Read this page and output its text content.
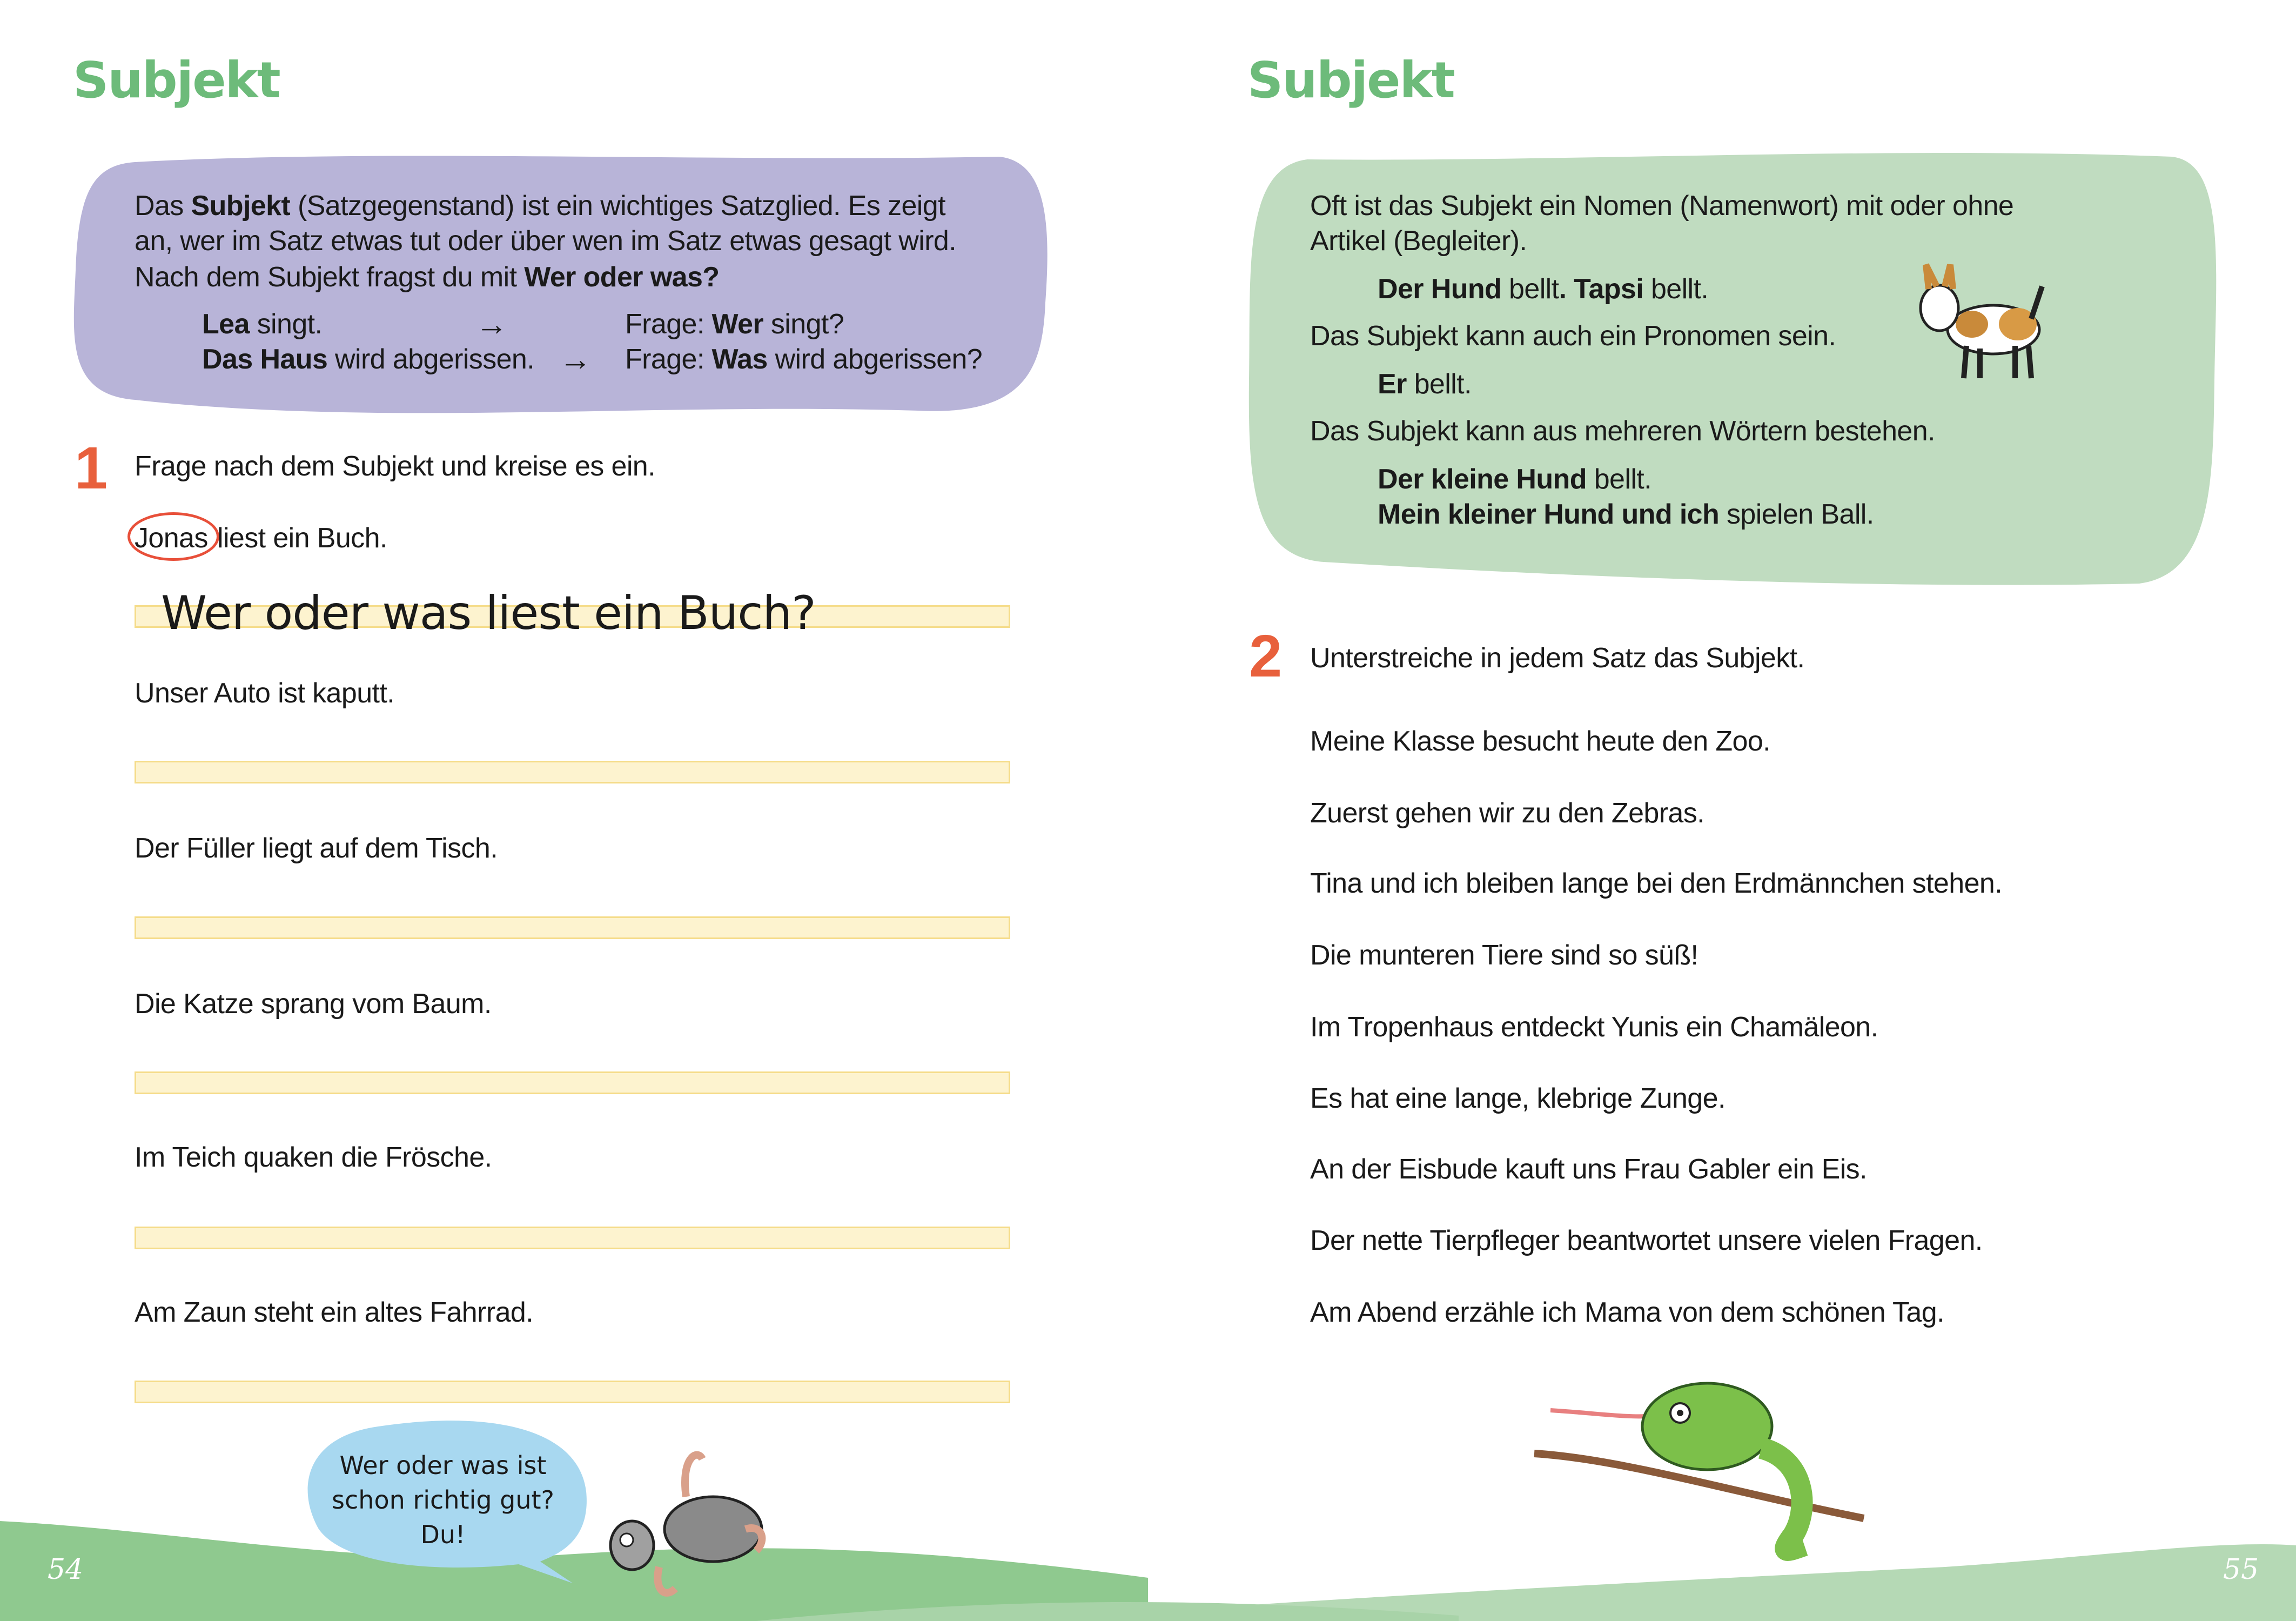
Subjekt
Das Subjekt (Satzgegenstand) ist ein wichtiges Satzglied. Es zeigt
an, wer im Satz etwas tut oder über wen im Satz etwas gesagt wird.
Nach dem Subjekt fragst du mit Wer oder was?
Lea singt.	→	Frage: Wer singt?
Das Haus wird abgerissen. → Frage: Was wird abgerissen?
1 Frage nach dem Subjekt und kreise es ein.
Jonas liest ein Buch.
Wer oder was liest ein Buch?
Unser Auto ist kaputt.
Der Füller liegt auf dem Tisch.
Die Katze sprang vom Baum.
Im Teich quaken die Frösche.
Am Zaun steht ein altes Fahrrad.
Wer oder was ist
schon richtig gut?
Du!
54
Subjekt
Oft ist das Subjekt ein Nomen (Namenwort) mit oder ohne
Artikel (Begleiter).
Der Hund bellt. Tapsi bellt.
Das Subjekt kann auch ein Pronomen sein.
Er bellt.
Das Subjekt kann aus mehreren Wörtern bestehen.
Der kleine Hund bellt.
Mein kleiner Hund und ich spielen Ball.
2 Unterstreiche in jedem Satz das Subjekt.
Meine Klasse besucht heute den Zoo.
Zuerst gehen wir zu den Zebras.
Tina und ich bleiben lange bei den Erdmännchen stehen.
Die munteren Tiere sind so süß!
Im Tropenhaus entdeckt Yunis ein Chamäleon.
Es hat eine lange, klebrige Zunge.
An der Eisbude kauft uns Frau Gabler ein Eis.
Der nette Tierpfleger beantwortet unsere vielen Fragen.
Am Abend erzähle ich Mama von dem schönen Tag.
55
